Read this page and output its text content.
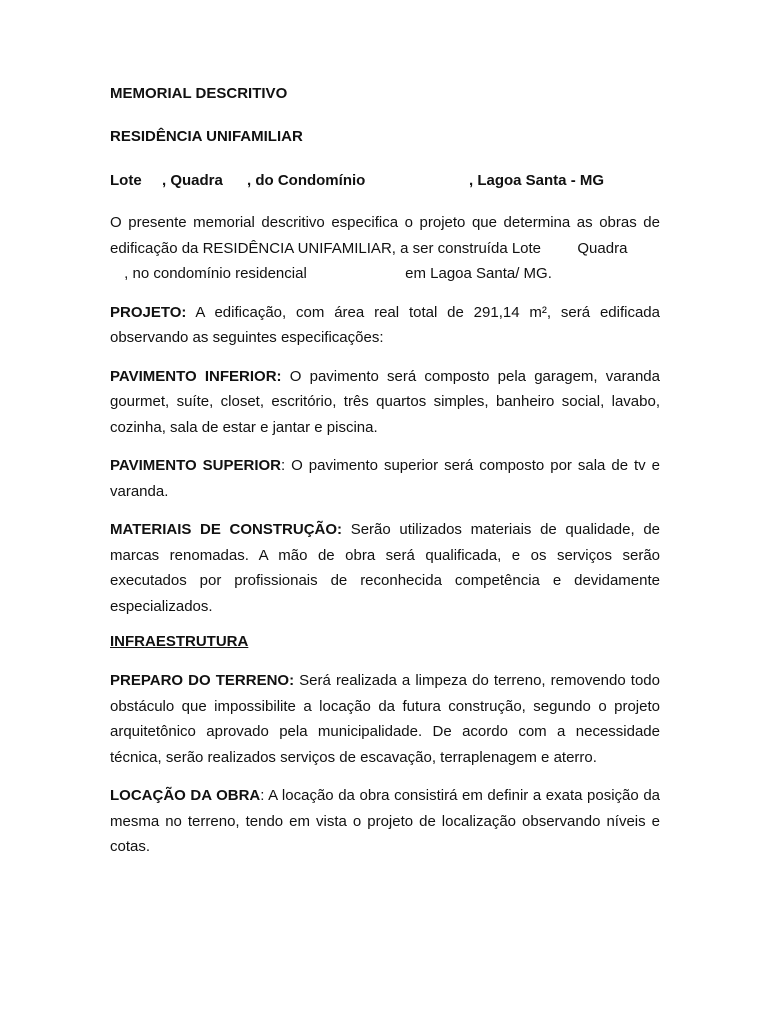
MEMORIAL DESCRITIVO
RESIDÊNCIA UNIFAMILIAR
Lote , Quadra , do Condomínio	, Lagoa Santa - MG

O presente memorial descritivo especifica o projeto que determina as obras de edificação da RESIDÊNCIA UNIFAMILIAR, a ser construída Lote Quadra
, no condomínio residencial	em Lagoa Santa/ MG.

PROJETO: A edificação, com área real total de 291,14 m², será edificada observando as seguintes especificações:

PAVIMENTO INFERIOR: O pavimento será composto pela garagem, varanda gourmet, suíte, closet, escritório, três quartos simples, banheiro social, lavabo, cozinha, sala de estar e jantar e piscina.

PAVIMENTO SUPERIOR: O pavimento superior será composto por sala de tv e varanda.

MATERIAIS DE CONSTRUÇÃO: Serão utilizados materiais de qualidade, de marcas renomadas. A mão de obra será qualificada, e os serviços serão executados por profissionais de reconhecida competência e devidamente especializados.

INFRAESTRUTURA

PREPARO DO TERRENO: Será realizada a limpeza do terreno, removendo todo obstáculo que impossibilite a locação da futura construção, segundo o projeto arquitetônico aprovado pela municipalidade. De acordo com a necessidade técnica, serão realizados serviços de escavação, terraplenagem e aterro.

LOCAÇÃO DA OBRA: A locação da obra consistirá em definir a exata posição da mesma no terreno, tendo em vista o projeto de localização observando níveis e cotas.
